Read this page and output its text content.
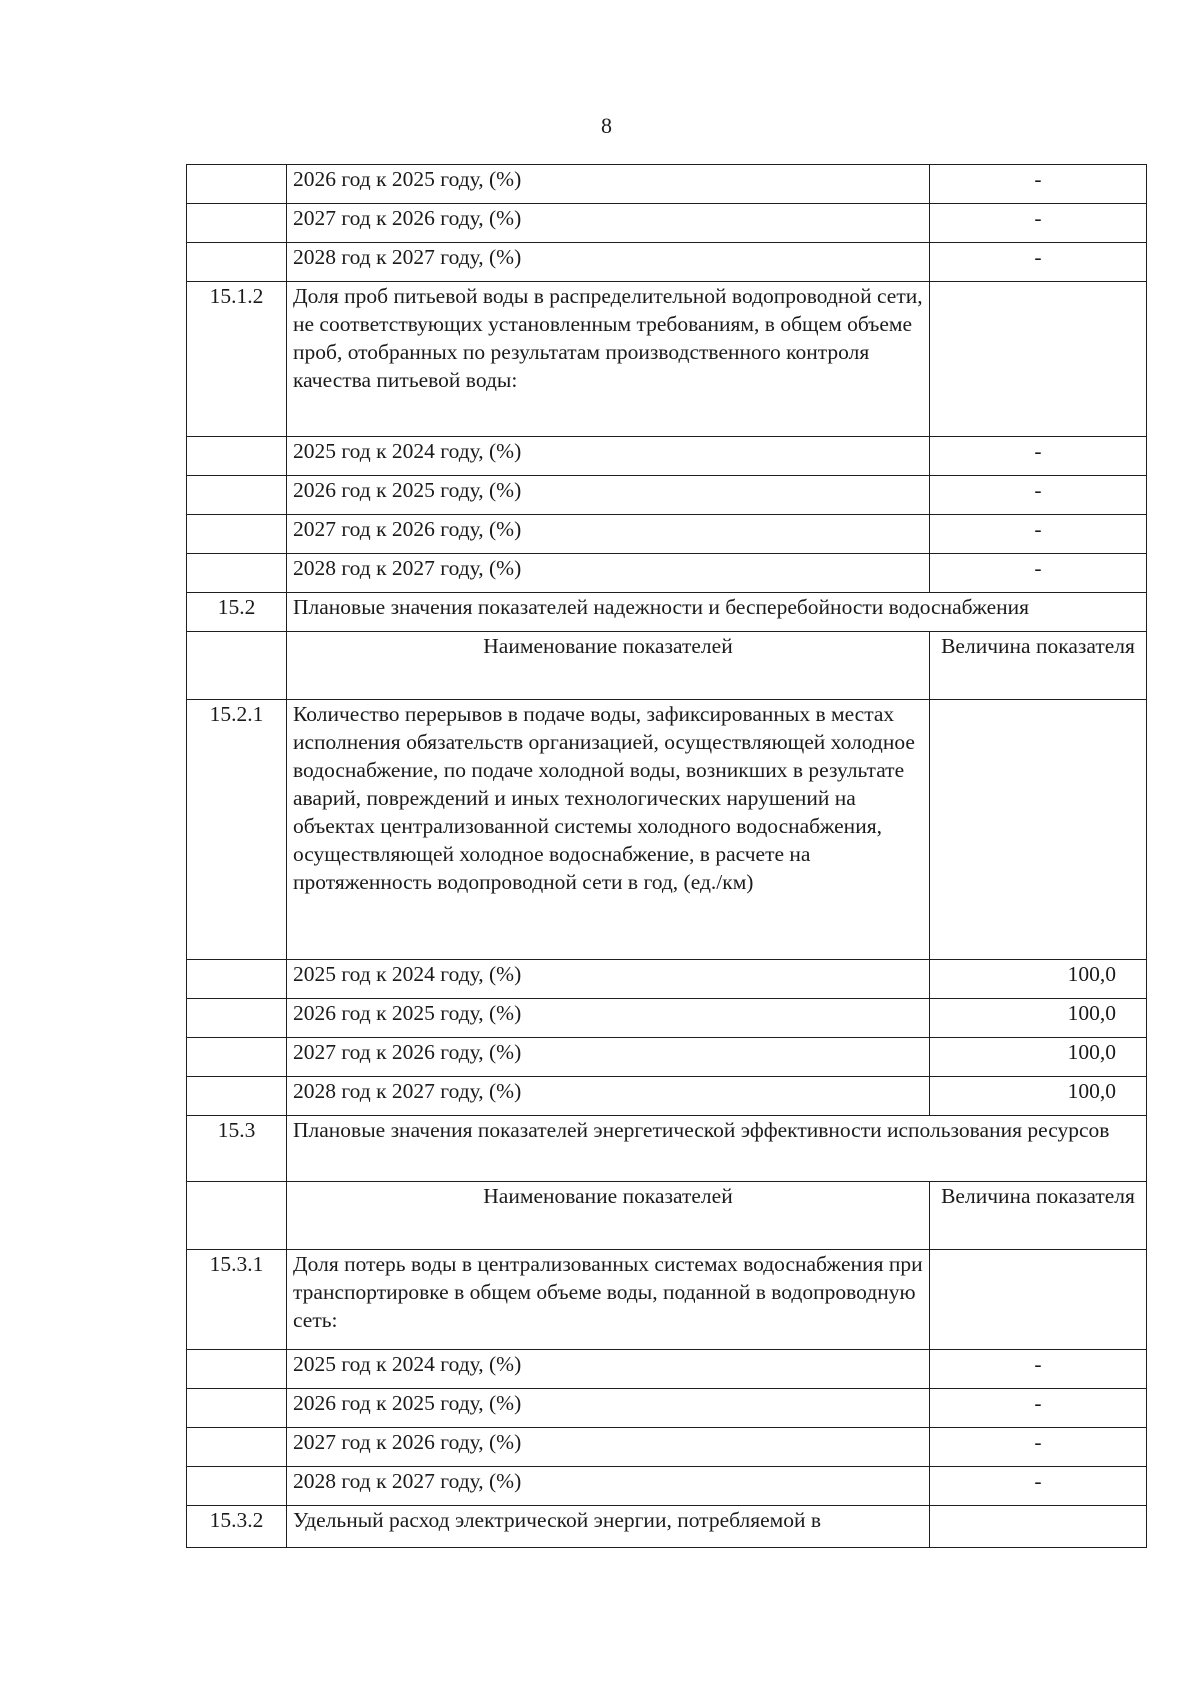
8
	2026 год к 2025 году, (%)	-
	2027 год к 2026 году, (%)	-
	2028 год к 2027 году, (%)	-
15.1.2	Доля проб питьевой воды в распределительной водопроводной сети, не соответствующих установленным требованиям, в общем объеме проб, отобранных по результатам производственного контроля качества питьевой воды:	
	2025 год к 2024 году, (%)	-
	2026 год к 2025 году, (%)	-
	2027 год к 2026 году, (%)	-
	2028 год к 2027 году, (%)	-
15.2	Плановые значения показателей надежности и бесперебойности водоснабжения	
	Наименование показателей	Величина показателя
15.2.1	Количество перерывов в подаче воды, зафиксированных в местах исполнения обязательств организацией, осуществляющей холодное водоснабжение, по подаче холодной воды, возникших в результате аварий, повреждений и иных технологических нарушений на объектах централизованной системы холодного водоснабжения, осуществляющей холодное водоснабжение, в расчете на протяженность водопроводной сети в год, (ед./км)	
	2025 год к 2024 году, (%)	100,0
	2026 год к 2025 году, (%)	100,0
	2027 год к 2026 году, (%)	100,0
	2028 год к 2027 году, (%)	100,0
15.3	Плановые значения показателей энергетической эффективности использования ресурсов	
	Наименование показателей	Величина показателя
15.3.1	Доля потерь воды в централизованных системах водоснабжения при транспортировке в общем объеме воды, поданной в водопроводную сеть:	
	2025 год к 2024 году, (%)	-
	2026 год к 2025 году, (%)	-
	2027 год к 2026 году, (%)	-
	2028 год к 2027 году, (%)	-
15.3.2	Удельный расход электрической энергии, потребляемой в	
